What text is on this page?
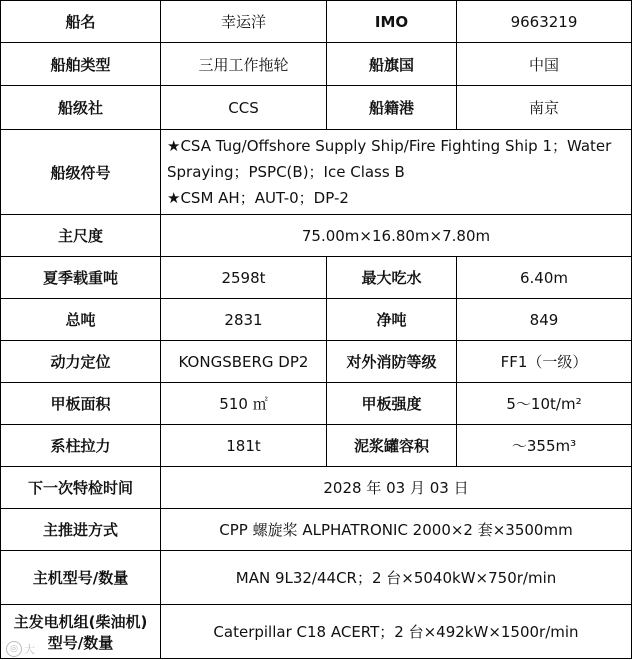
船名	幸运洋	IMO	9663219
船舶类型	三用工作拖轮	船旗国	中国
船级社	CCS	船籍港	南京
船级符号	★CSA Tug/Offshore Supply Ship/Fire Fighting Ship 1；Water
Spraying；PSPC(B)；Ice Class B
★CSM AH；AUT-0；DP-2		

主尺度	75.00m×16.80m×7.80m		
夏季载重吨	2598t	最大吃水	6.40m
总吨	2831	净吨	849
动力定位	KONGSBERG DP2	对外消防等级	FF1（一级）
甲板面积	510 ㎡	甲板强度	5～10t/m²
系柱拉力	181t	泥浆罐容积	～355m³
下一次特检时间	2028 年 03 月 03 日		
主推进方式	CPP 螺旋桨 ALPHATRONIC 2000×2 套×3500mm		
主机型号/数量	MAN 9L32/44CR；2 台×5040kW×750r/min		
主发电机组(柴油机)型号/数量	Caterpillar C18 ACERT；2 台×492kW×1500r/min		
◎ 大
